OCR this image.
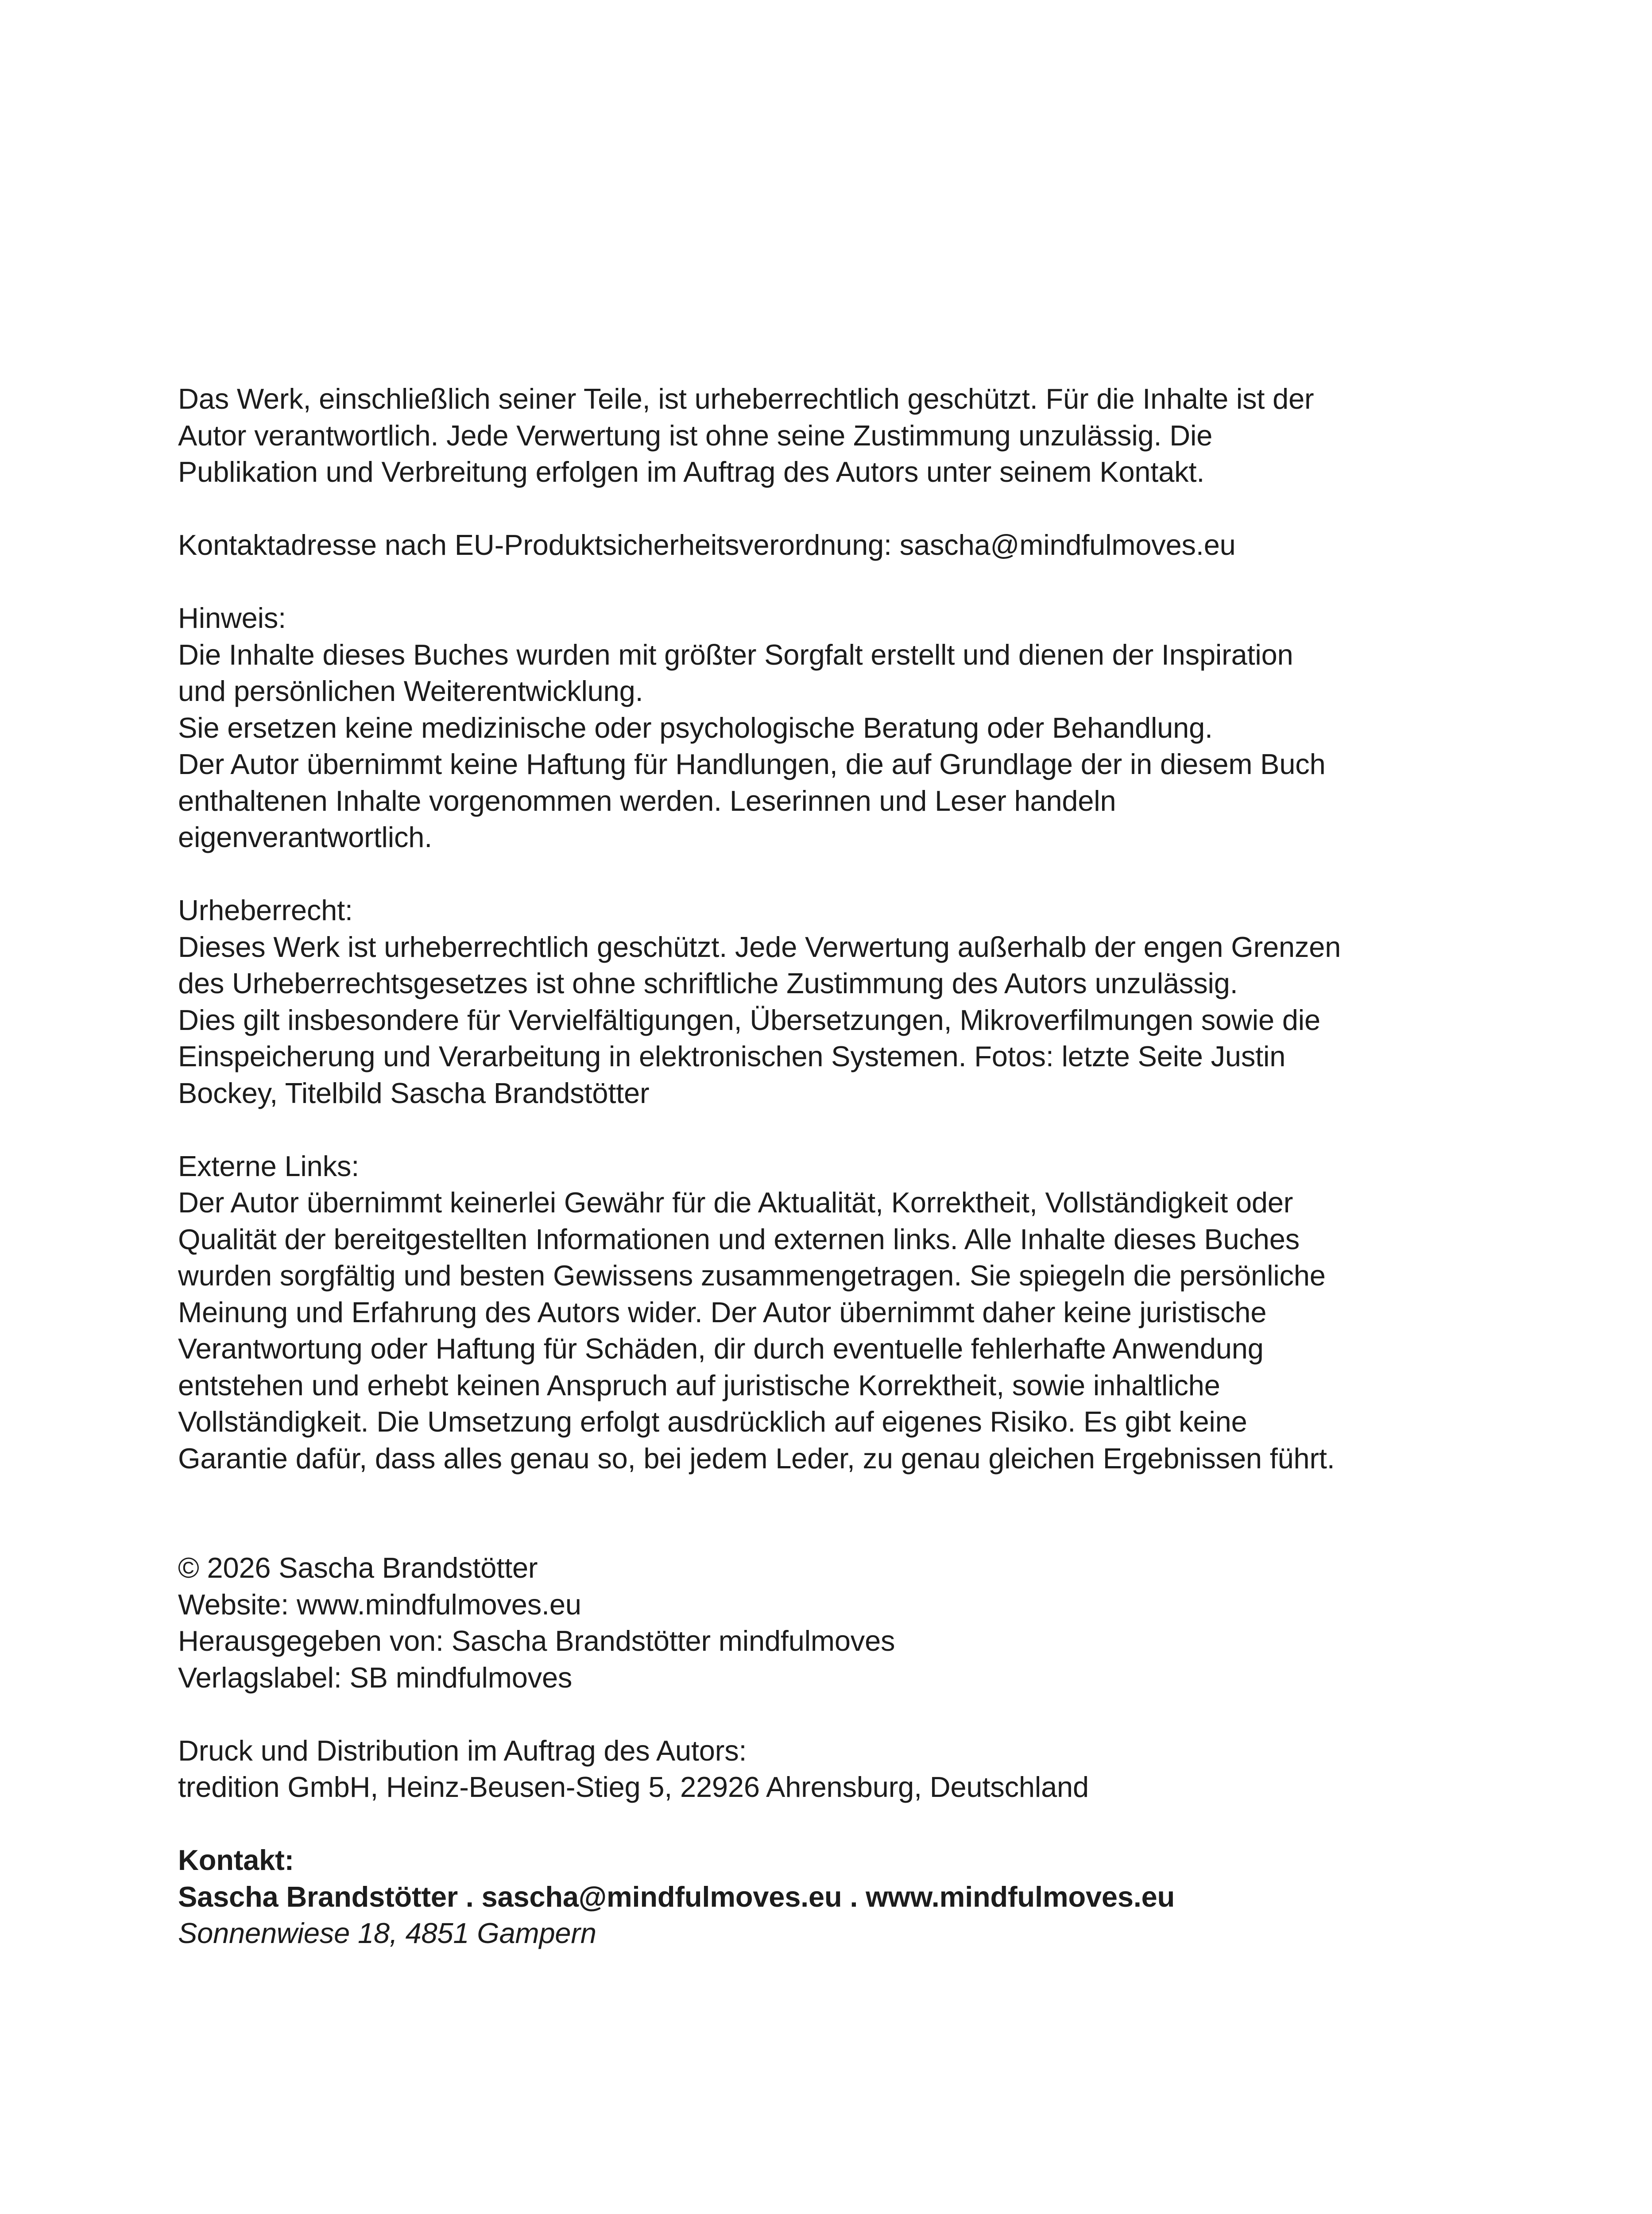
Das Werk, einschließlich seiner Teile, ist urheberrechtlich geschützt. Für die Inhalte ist der
Autor verantwortlich. Jede Verwertung ist ohne seine Zustimmung unzulässig. Die
Publikation und Verbreitung erfolgen im Auftrag des Autors unter seinem Kontakt.
Kontaktadresse nach EU-Produktsicherheitsverordnung: sascha@mindfulmoves.eu
Hinweis:
Die Inhalte dieses Buches wurden mit größter Sorgfalt erstellt und dienen der Inspiration
und persönlichen Weiterentwicklung.
Sie ersetzen keine medizinische oder psychologische Beratung oder Behandlung.
Der Autor übernimmt keine Haftung für Handlungen, die auf Grundlage der in diesem Buch
enthaltenen Inhalte vorgenommen werden. Leserinnen und Leser handeln
eigenverantwortlich.
Urheberrecht:
Dieses Werk ist urheberrechtlich geschützt. Jede Verwertung außerhalb der engen Grenzen
des Urheberrechtsgesetzes ist ohne schriftliche Zustimmung des Autors unzulässig.
Dies gilt insbesondere für Vervielfältigungen, Übersetzungen, Mikroverfilmungen sowie die
Einspeicherung und Verarbeitung in elektronischen Systemen. Fotos: letzte Seite Justin
Bockey, Titelbild Sascha Brandstötter
Externe Links:
Der Autor übernimmt keinerlei Gewähr für die Aktualität, Korrektheit, Vollständigkeit oder
Qualität der bereitgestellten Informationen und externen links. Alle Inhalte dieses Buches
wurden sorgfältig und besten Gewissens zusammengetragen. Sie spiegeln die persönliche
Meinung und Erfahrung des Autors wider. Der Autor übernimmt daher keine juristische
Verantwortung oder Haftung für Schäden, dir durch eventuelle fehlerhafte Anwendung
entstehen und erhebt keinen Anspruch auf juristische Korrektheit, sowie inhaltliche
Vollständigkeit. Die Umsetzung erfolgt ausdrücklich auf eigenes Risiko. Es gibt keine
Garantie dafür, dass alles genau so, bei jedem Leder, zu genau gleichen Ergebnissen führt.
© 2026 Sascha Brandstötter
Website: www.mindfulmoves.eu
Herausgegeben von: Sascha Brandstötter mindfulmoves
Verlagslabel: SB mindfulmoves
Druck und Distribution im Auftrag des Autors:
tredition GmbH, Heinz-Beusen-Stieg 5, 22926 Ahrensburg, Deutschland
Kontakt:
Sascha Brandstötter . sascha@mindfulmoves.eu . www.mindfulmoves.eu
Sonnenwiese 18, 4851 Gampern
